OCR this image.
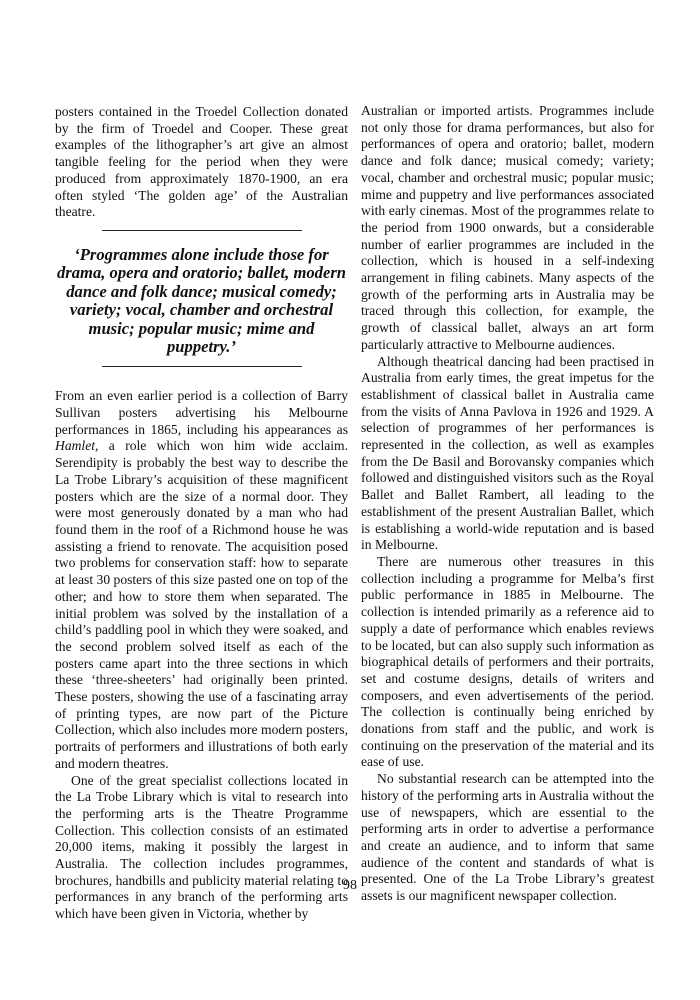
posters contained in the Troedel Collection donated by the firm of Troedel and Cooper. These great examples of the lithographer’s art give an almost tangible feeling for the period when they were produced from approximately 1870-1900, an era often styled ‘The golden age’ of the Australian theatre.

‘Programmes alone include those for drama, opera and oratorio; ballet, modern dance and folk dance; musical comedy; variety; vocal, chamber and orchestral music; popular music; mime and puppetry.’

From an even earlier period is a collection of Barry Sullivan posters advertising his Melbourne performances in 1865, including his appearances as Hamlet, a role which won him wide acclaim. Serendipity is probably the best way to describe the La Trobe Library’s acquisition of these magnificent posters which are the size of a normal door. They were most generously donated by a man who had found them in the roof of a Richmond house he was assisting a friend to renovate. The acquisition posed two problems for conservation staff: how to separate at least 30 posters of this size pasted one on top of the other; and how to store them when separated. The initial problem was solved by the installation of a child’s paddling pool in which they were soaked, and the second problem solved itself as each of the posters came apart into the three sections in which these ‘three-sheeters’ had originally been printed. These posters, showing the use of a fascinating array of printing types, are now part of the Picture Collection, which also includes more modern posters, portraits of performers and illustrations of both early and modern theatres.

One of the great specialist collections located in the La Trobe Library which is vital to research into the performing arts is the Theatre Programme Collection. This collection consists of an estimated 20,000 items, making it possibly the largest in Australia. The collection includes programmes, brochures, handbills and publicity material relating to performances in any branch of the performing arts which have been given in Victoria, whether by

Australian or imported artists. Programmes include not only those for drama performances, but also for performances of opera and oratorio; ballet, modern dance and folk dance; musical comedy; variety; vocal, chamber and orchestral music; popular music; mime and puppetry and live performances associated with early cinemas. Most of the programmes relate to the period from 1900 onwards, but a considerable number of earlier programmes are included in the collection, which is housed in a self-indexing arrangement in filing cabinets. Many aspects of the growth of the performing arts in Australia may be traced through this collection, for example, the growth of classical ballet, always an art form particularly attractive to Melbourne audiences.

Although theatrical dancing had been practised in Australia from early times, the great impetus for the establishment of classical ballet in Australia came from the visits of Anna Pavlova in 1926 and 1929. A selection of programmes of her performances is represented in the collection, as well as examples from the De Basil and Borovansky companies which followed and distinguished visitors such as the Royal Ballet and Ballet Rambert, all leading to the establishment of the present Australian Ballet, which is establishing a world-wide reputation and is based in Melbourne.

There are numerous other treasures in this collection including a programme for Melba’s first public performance in 1885 in Melbourne. The collection is intended primarily as a reference aid to supply a date of performance which enables reviews to be located, but can also supply such information as biographical details of performers and their portraits, set and costume designs, details of writers and composers, and even advertisements of the period. The collection is continually being enriched by donations from staff and the public, and work is continuing on the preservation of the material and its ease of use.

No substantial research can be attempted into the history of the performing arts in Australia without the use of newspapers, which are essential to the performing arts in order to advertise a performance and create an audience, and to inform that same audience of the content and standards of what is presented. One of the La Trobe Library’s greatest assets is our magnificent newspaper collection.

98
